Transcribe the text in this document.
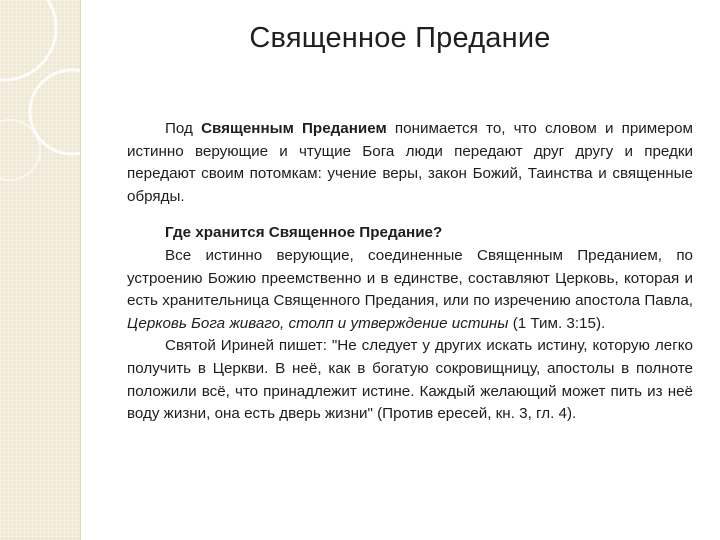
Священное Предание

Под Священным Преданием понимается то, что словом и примером истинно верующие и чтущие Бога люди передают друг другу и предки передают своим потомкам: учение веры, закон Божий, Таинства и священные обряды.

Где хранится Священное Предание?

Все истинно верующие, соединенные Священным Преданием, по устроению Божию преемственно и в единстве, составляют Церковь, которая и есть хранительница Священного Предания, или по изречению апостола Павла, Церковь Бога живаго, столп и утверждение истины (1 Тим. 3:15).

Святой Ириней пишет: "Не следует у других искать истину, которую легко получить в Церкви. В неё, как в богатую сокровищницу, апостолы в полноте положили всё, что принадлежит истине. Каждый желающий может пить из неё воду жизни, она есть дверь жизни" (Против ересей, кн. 3, гл. 4).
